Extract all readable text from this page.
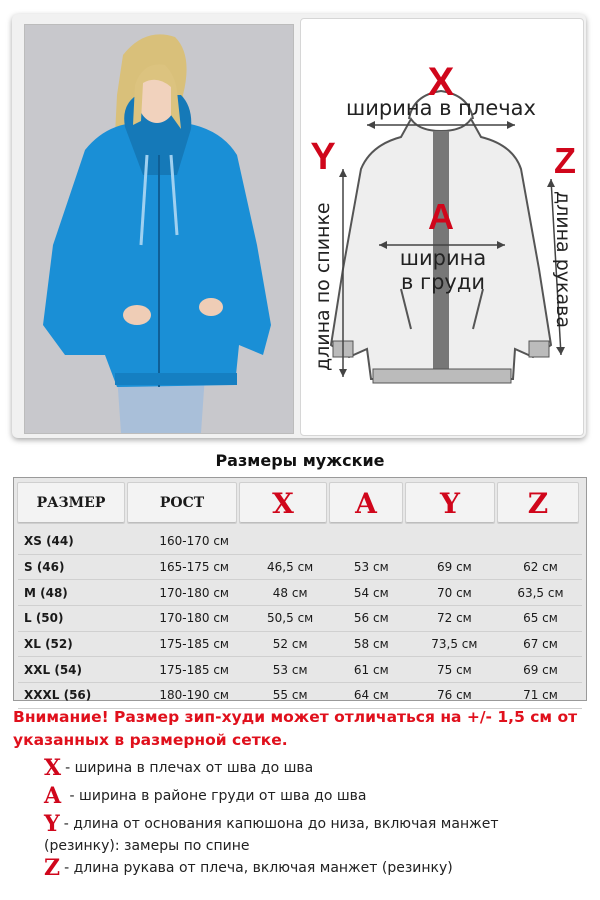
X
ширина в плечах
Y	Z
A
ширина
в груди
длина по спинке	длина рукава
Размеры мужские
РАЗМЕР	РОСТ	X	A	Y	Z
XS (44)	160-170 см
S (46)	165-175 см	46,5 см	53 см	69 см	62 см
M (48)	170-180 см	48 см	54 см	70 см	63,5 см
L (50)	170-180 см	50,5 см	56 см	72 см	65 см
XL (52)	175-185 см	52 см	58 см	73,5 см	67 см
XXL (54)	175-185 см	53 см	61 см	75 см	69 см
XXXL (56)	180-190 см	55 см	64 см	76 см	71 см
Внимание! Размер зип-худи может отличаться на +/- 1,5 см от указанных в размерной сетке.
X - ширина в плечах от шва до шва
A - ширина в районе груди от шва до шва
Y - длина от основания капюшона до низа, включая манжет (резинку): замеры по спине
Z - длина рукава от плеча, включая манжет (резинку)
